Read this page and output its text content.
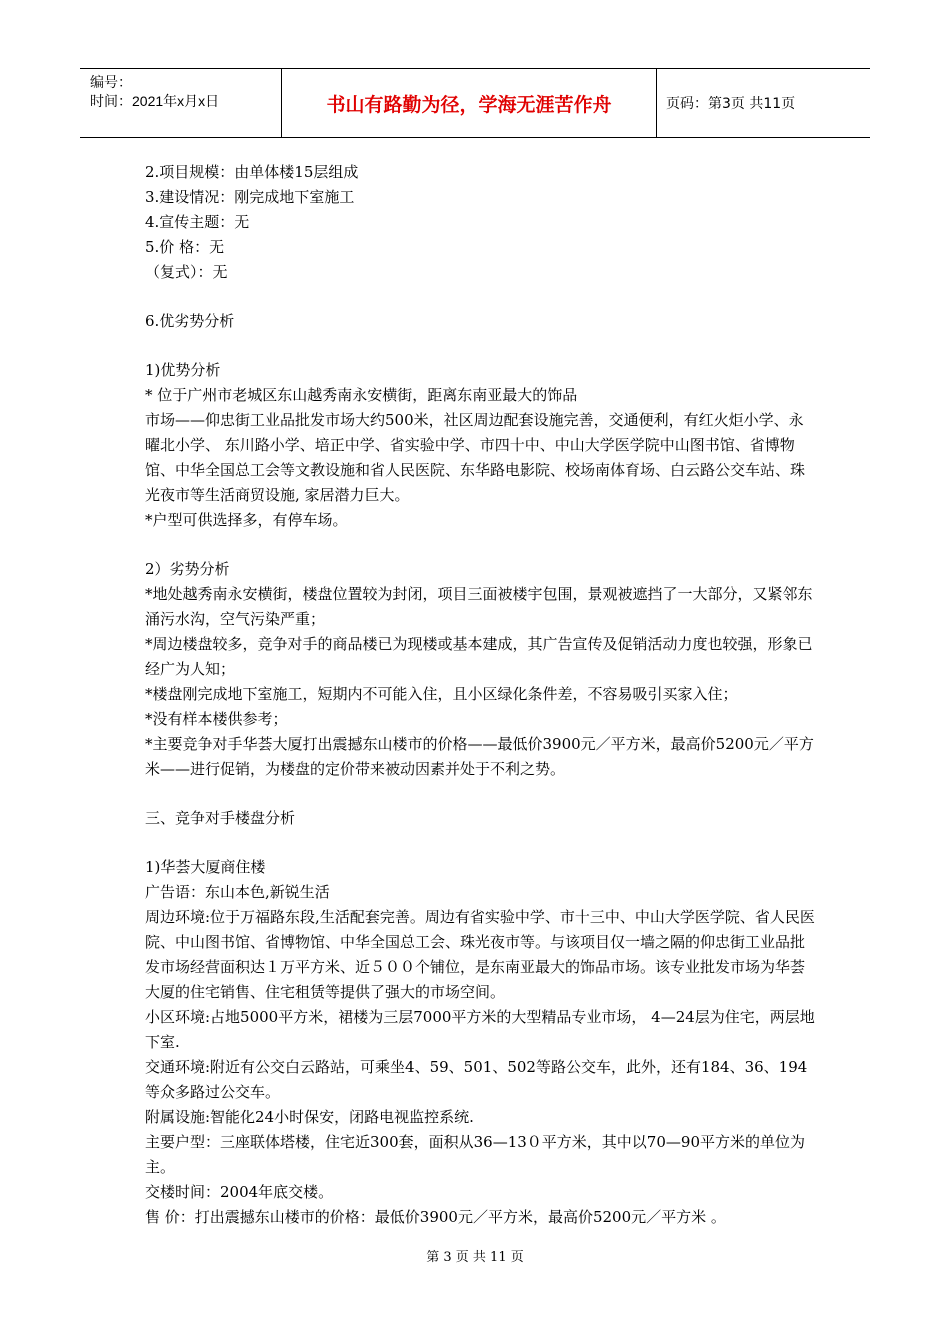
编号：
时间：2021年x月x日	书山有路勤为径，学海无涯苦作舟	页码：第3页 共11页

2.项目规模：由单体楼15层组成

3.建设情况：刚完成地下室施工

4.宣传主题：无

5.价 格：无

（复式）：无

6.优劣势分析

1)优势分析

* 位于广州市老城区东山越秀南永安横街，距离东南亚最大的饰品

市场——仰忠街工业品批发市场大约500米，社区周边配套设施完善，交通便利，有红火炬小学、永曜北小学、 东川路小学、培正中学、省实验中学、市四十中、中山大学医学院中山图书馆、省博物馆、中华全国总工会等文教设施和省人民医院、东华路电影院、校场南体育场、白云路公交车站、珠光夜市等生活商贸设施, 家居潜力巨大。

*户型可供选择多，有停车场。

2）劣势分析

*地处越秀南永安横街，楼盘位置较为封闭，项目三面被楼宇包围，景观被遮挡了一大部分，又紧邻东涌污水沟，空气污染严重；

*周边楼盘较多，竞争对手的商品楼已为现楼或基本建成，其广告宣传及促销活动力度也较强，形象已经广为人知；

*楼盘刚完成地下室施工，短期内不可能入住，且小区绿化条件差，不容易吸引买家入住；

*没有样本楼供参考；

*主要竞争对手华荟大厦打出震撼东山楼市的价格——最低价3900元／平方米，最高价5200元／平方米——进行促销，为楼盘的定价带来被动因素并处于不利之势。

三、竞争对手楼盘分析

1)华荟大厦商住楼

广告语：东山本色,新锐生活

周边环境:位于万福路东段,生活配套完善。周边有省实验中学、市十三中、中山大学医学院、省人民医院、中山图书馆、省博物馆、中华全国总工会、珠光夜市等。与该项目仅一墙之隔的仰忠街工业品批发市场经营面积达１万平方米、近５００个铺位，是东南亚最大的饰品市场。该专业批发市场为华荟大厦的住宅销售、住宅租赁等提供了强大的市场空间。

小区环境:占地5000平方米，裙楼为三层7000平方米的大型精品专业市场， 4—24层为住宅，两层地下室.

交通环境:附近有公交白云路站，可乘坐4、59、501、502等路公交车，此外，还有184、36、194等众多路过公交车。

附属设施:智能化24小时保安，闭路电视监控系统.

主要户型：三座联体塔楼，住宅近300套，面积从36—13０平方米，其中以70—90平方米的单位为主。

交楼时间：2004年底交楼。

售 价：打出震撼东山楼市的价格：最低价3900元／平方米，最高价5200元／平方米 。

第 3 页 共 11 页
